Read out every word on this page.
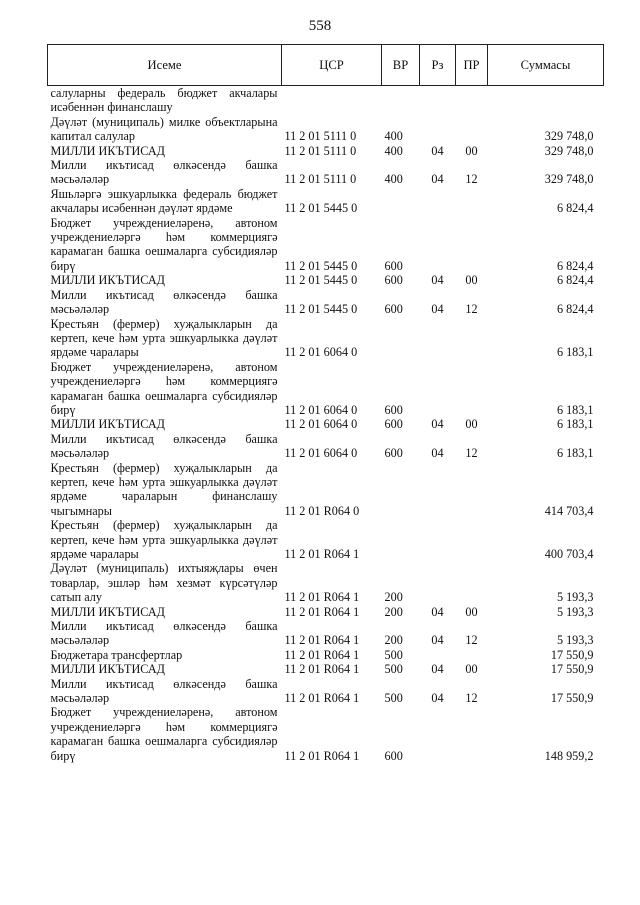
558
Исеме	ЦСР	ВР	Рз	ПР	Суммасы
салуларны федераль бюджет акчалары исәбеннән финанслашу					
Дәүләт (муниципаль) милке объектларына капитал салулар	11 2 01 5111 0	400			329 748,0
МИЛЛИ ИКЪТИСАД	11 2 01 5111 0	400	04	00	329 748,0
Милли икътисад өлкәсендә башка мәсьәләләр	11 2 01 5111 0	400	04	12	329 748,0
Яшьләргә эшкуарлыкка федераль бюджет акчалары исәбеннән дәүләт ярдәме	11 2 01 5445 0				6 824,4
Бюджет учреждениеләренә, автоном учреждениеләргә һәм коммерциягә карамаган башка оешмаларга субсидияләр бирү	11 2 01 5445 0	600			6 824,4
МИЛЛИ ИКЪТИСАД	11 2 01 5445 0	600	04	00	6 824,4
Милли икътисад өлкәсендә башка мәсьәләләр	11 2 01 5445 0	600	04	12	6 824,4
Крестьян (фермер) хуҗалыкларын да кертеп, кече һәм урта эшкуарлыкка дәүләт ярдәме чаралары	11 2 01 6064 0				6 183,1
Бюджет учреждениеләренә, автоном учреждениеләргә һәм коммерциягә карамаган башка оешмаларга субсидияләр бирү	11 2 01 6064 0	600			6 183,1
МИЛЛИ ИКЪТИСАД	11 2 01 6064 0	600	04	00	6 183,1
Милли икътисад өлкәсендә башка мәсьәләләр	11 2 01 6064 0	600	04	12	6 183,1
Крестьян (фермер) хуҗалыкларын да кертеп, кече һәм урта эшкуарлыкка дәүләт ярдәме чараларын финанслашу чыгымнары	11 2 01 R064 0				414 703,4
Крестьян (фермер) хуҗалыкларын да кертеп, кече һәм урта эшкуарлыкка дәүләт ярдәме чаралары	11 2 01 R064 1				400 703,4
Дәүләт (муниципаль) ихтыяҗлары өчен товарлар, эшләр һәм хезмәт күрсәтүләр сатып алу	11 2 01 R064 1	200			5 193,3
МИЛЛИ ИКЪТИСАД	11 2 01 R064 1	200	04	00	5 193,3
Милли икътисад өлкәсендә башка мәсьәләләр	11 2 01 R064 1	200	04	12	5 193,3
Бюджетара трансфертлар	11 2 01 R064 1	500			17 550,9
МИЛЛИ ИКЪТИСАД	11 2 01 R064 1	500	04	00	17 550,9
Милли икътисад өлкәсендә башка мәсьәләләр	11 2 01 R064 1	500	04	12	17 550,9
Бюджет учреждениеләренә, автоном учреждениеләргә һәм коммерциягә карамаган башка оешмаларга субсидияләр бирү	11 2 01 R064 1	600			148 959,2
